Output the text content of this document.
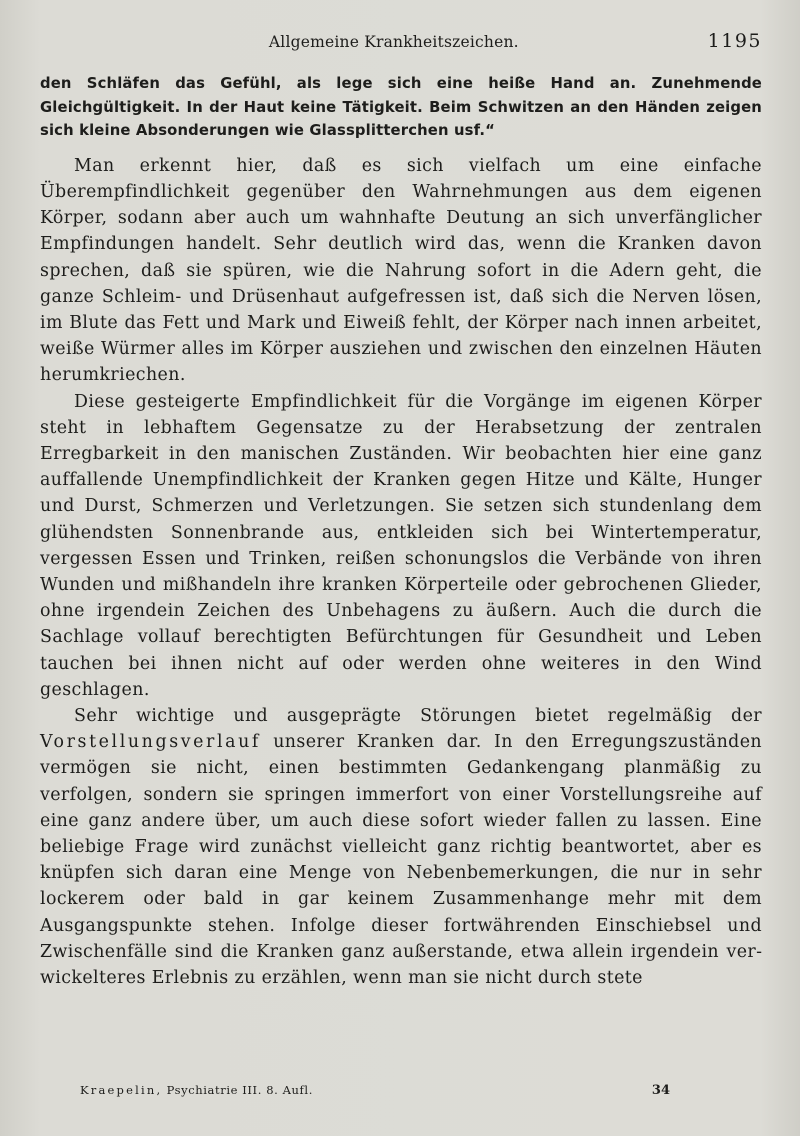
Allgemeine Krankheitszeichen.	1195

den Schläfen das Gefühl, als lege sich eine heiße Hand an. Zunehmende Gleichgültigkeit. In der Haut keine Tätigkeit. Beim Schwitzen an den Händen zeigen sich kleine Absonderungen wie Glassplitterchen usf.“

Man erkennt hier, daß es sich vielfach um eine einfache Überempfindlichkeit gegenüber den Wahrnehmungen aus dem eigenen Körper, sodann aber auch um wahnhafte Deutung an sich unverfänglicher Empfindungen handelt. Sehr deutlich wird das, wenn die Kranken davon sprechen, daß sie spüren, wie die Nahrung sofort in die Adern geht, die ganze Schleim- und Drüsenhaut aufgefressen ist, daß sich die Nerven lösen, im Blute das Fett und Mark und Eiweiß fehlt, der Körper nach innen arbeitet, weiße Würmer alles im Körper ausziehen und zwischen den einzelnen Häuten herumkriechen.

Diese gesteigerte Empfindlichkeit für die Vorgänge im eigenen Körper steht in lebhaftem Gegensatze zu der Herabsetzung der zentralen Erregbarkeit in den manischen Zuständen. Wir beobachten hier eine ganz auffallende Unempfindlichkeit der Kranken gegen Hitze und Kälte, Hunger und Durst, Schmerzen und Verletzungen. Sie setzen sich stundenlang dem glühendsten Sonnenbrande aus, entkleiden sich bei Wintertemperatur, vergessen Essen und Trinken, reißen schonungslos die Verbände von ihren Wunden und mißhandeln ihre kranken Körperteile oder gebrochenen Glieder, ohne irgendein Zeichen des Unbehagens zu äußern. Auch die durch die Sachlage vollauf berechtigten Befürchtungen für Gesundheit und Leben tauchen bei ihnen nicht auf oder werden ohne weiteres in den Wind geschlagen.

Sehr wichtige und ausgeprägte Störungen bietet regelmäßig der Vorstellungsverlauf unserer Kranken dar. In den Erregungszuständen vermögen sie nicht, einen bestimmten Gedankengang planmäßig zu verfolgen, sondern sie springen immerfort von einer Vorstellungsreihe auf eine ganz andere über, um auch diese sofort wieder fallen zu lassen. Eine beliebige Frage wird zunächst vielleicht ganz richtig beantwortet, aber es knüpfen sich daran eine Menge von Nebenbemerkungen, die nur in sehr lockerem oder bald in gar keinem Zusammenhange mehr mit dem Ausgangspunkte stehen. Infolge dieser fortwährenden Einschiebsel und Zwischenfälle sind die Kranken ganz außerstande, etwa allein irgendein verwickelteres Erlebnis zu erzählen, wenn man sie nicht durch stete

Kraepelin, Psychiatrie III. 8. Aufl.	34
